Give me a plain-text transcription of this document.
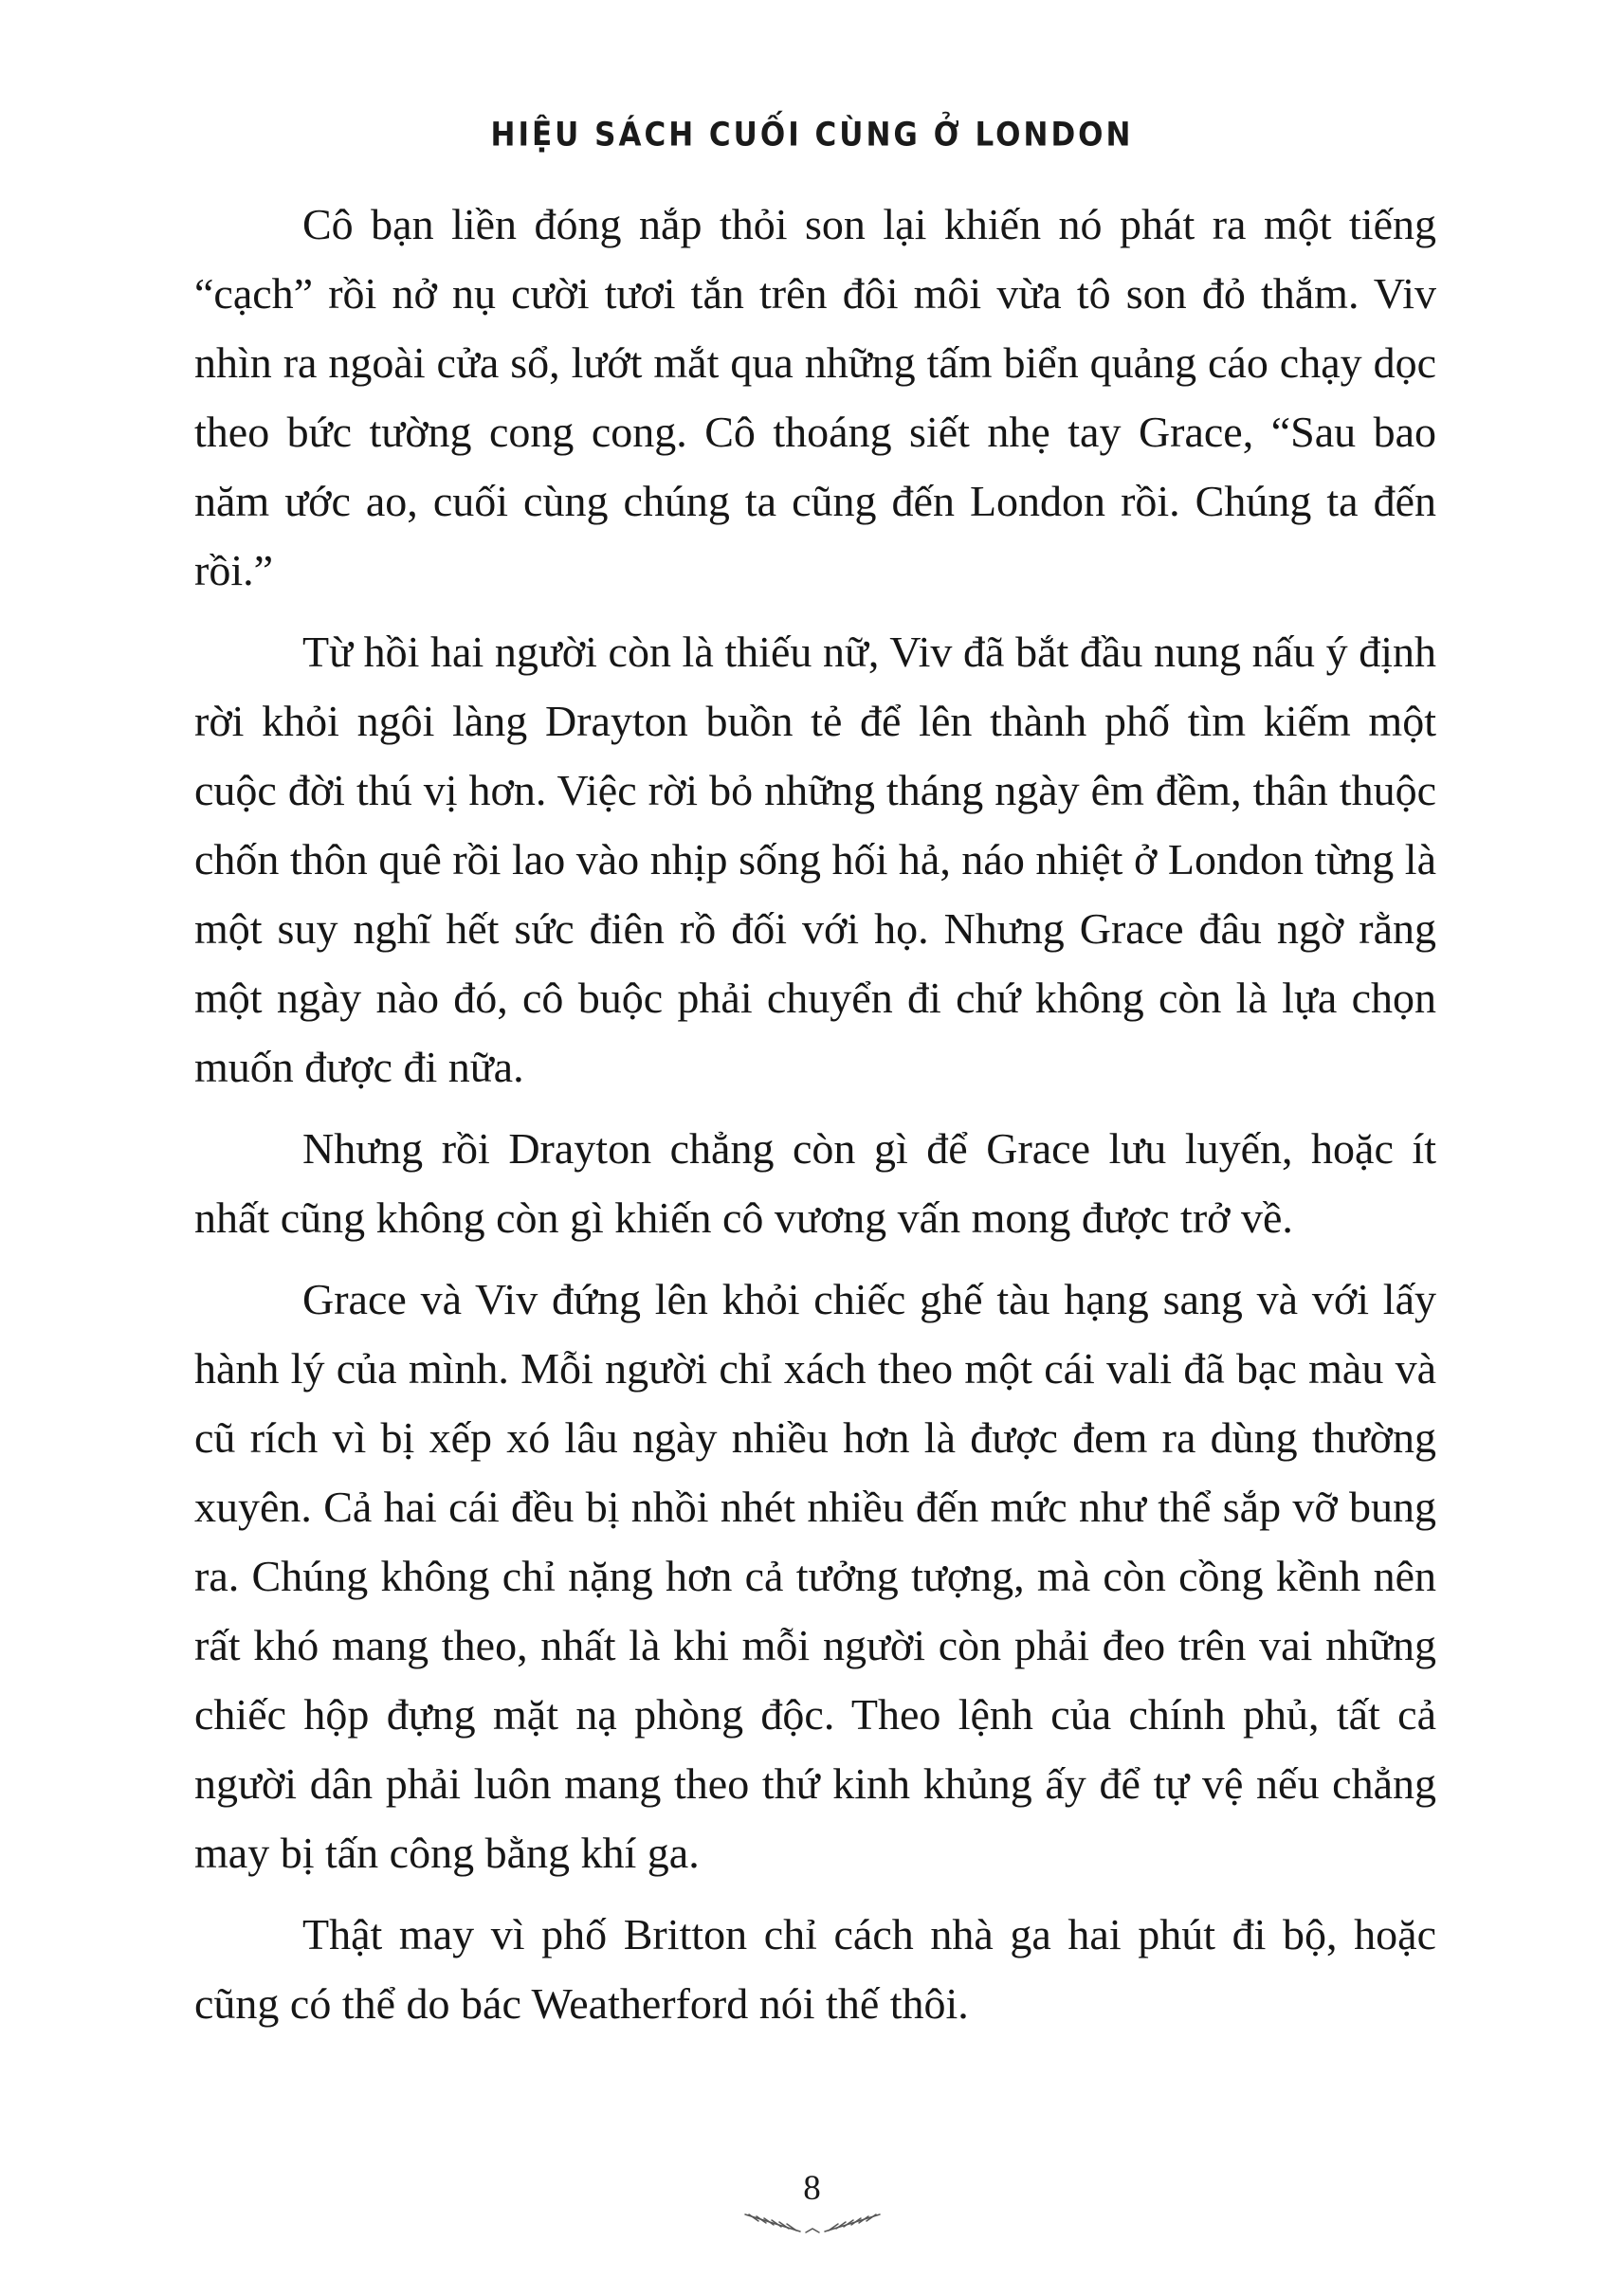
HIỆU SÁCH CUỐI CÙNG Ở LONDON

Cô bạn liền đóng nắp thỏi son lại khiến nó phát ra một tiếng “cạch” rồi nở nụ cười tươi tắn trên đôi môi vừa tô son đỏ thắm. Viv nhìn ra ngoài cửa sổ, lướt mắt qua những tấm biển quảng cáo chạy dọc theo bức tường cong cong. Cô thoáng siết nhẹ tay Grace, “Sau bao năm ước ao, cuối cùng chúng ta cũng đến London rồi. Chúng ta đến rồi.”

Từ hồi hai người còn là thiếu nữ, Viv đã bắt đầu nung nấu ý định rời khỏi ngôi làng Drayton buồn tẻ để lên thành phố tìm kiếm một cuộc đời thú vị hơn. Việc rời bỏ những tháng ngày êm đềm, thân thuộc chốn thôn quê rồi lao vào nhịp sống hối hả, náo nhiệt ở London từng là một suy nghĩ hết sức điên rồ đối với họ. Nhưng Grace đâu ngờ rằng một ngày nào đó, cô buộc phải chuyển đi chứ không còn là lựa chọn muốn được đi nữa.

Nhưng rồi Drayton chẳng còn gì để Grace lưu luyến, hoặc ít nhất cũng không còn gì khiến cô vương vấn mong được trở về.

Grace và Viv đứng lên khỏi chiếc ghế tàu hạng sang và với lấy hành lý của mình. Mỗi người chỉ xách theo một cái vali đã bạc màu và cũ rích vì bị xếp xó lâu ngày nhiều hơn là được đem ra dùng thường xuyên. Cả hai cái đều bị nhồi nhét nhiều đến mức như thể sắp vỡ bung ra. Chúng không chỉ nặng hơn cả tưởng tượng, mà còn cồng kềnh nên rất khó mang theo, nhất là khi mỗi người còn phải đeo trên vai những chiếc hộp đựng mặt nạ phòng độc. Theo lệnh của chính phủ, tất cả người dân phải luôn mang theo thứ kinh khủng ấy để tự vệ nếu chẳng may bị tấn công bằng khí ga.

Thật may vì phố Britton chỉ cách nhà ga hai phút đi bộ, hoặc cũng có thể do bác Weatherford nói thế thôi.

8
